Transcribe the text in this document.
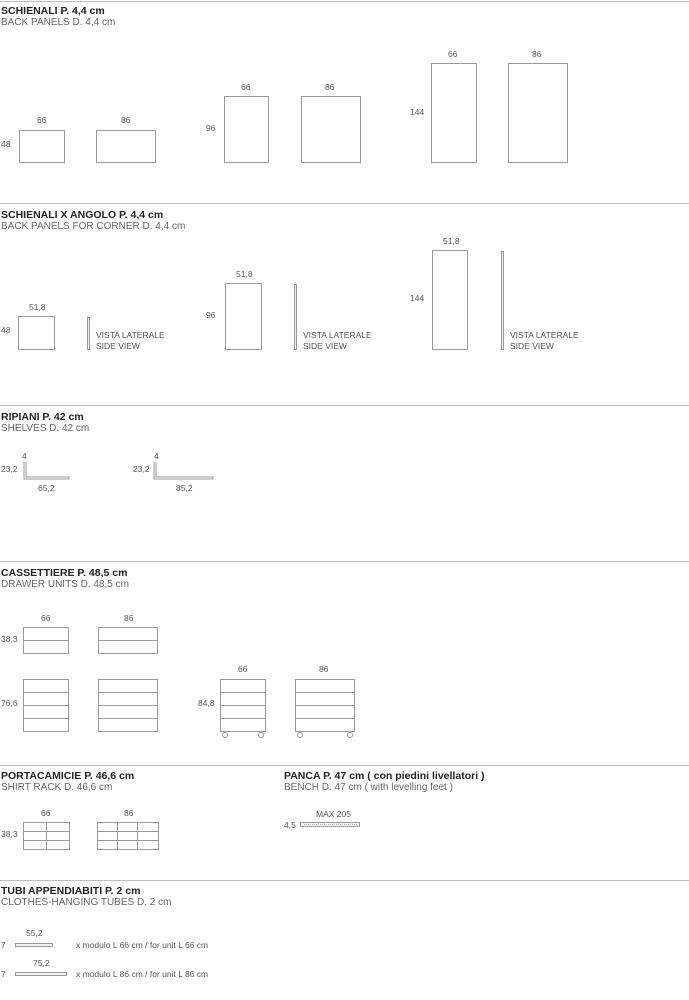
SCHIENALI P. 4,4 cm
BACK PANELS D. 4,4 cm
48
66	86
96
66	86
144
66	86
SCHIENALI X ANGOLO P. 4,4 cm
BACK PANELS FOR CORNER D. 4,4 cm
48
51,8
VISTA LATERALE
SIDE VIEW
96
51,8
VISTA LATERALE
SIDE VIEW
144
51,8
VISTA LATERALE
SIDE VIEW
RIPIANI P. 42 cm
SHELVES D. 42 cm
4
23,2
65,2
4
23,2
85,2
CASSETTIERE P. 48,5 cm
DRAWER UNITS D. 48,5 cm
38,3
66	86
76,6	84,8
66	86
PORTACAMICIE P. 46,6 cm
SHIRT RACK D. 46,6 cm
66	86
38,3
PANCA P. 47 cm ( con piedini livellatori )
BENCH D. 47 cm ( with levelling feet )
MAX 205
4,5
TUBI APPENDIABITI P. 2 cm
CLOTHES-HANGING TUBES D. 2 cm
55,2
7	x modulo L 66 cm / for unit L 66 cm
75,2
7	x modulo L 86 cm / for unit L 86 cm
